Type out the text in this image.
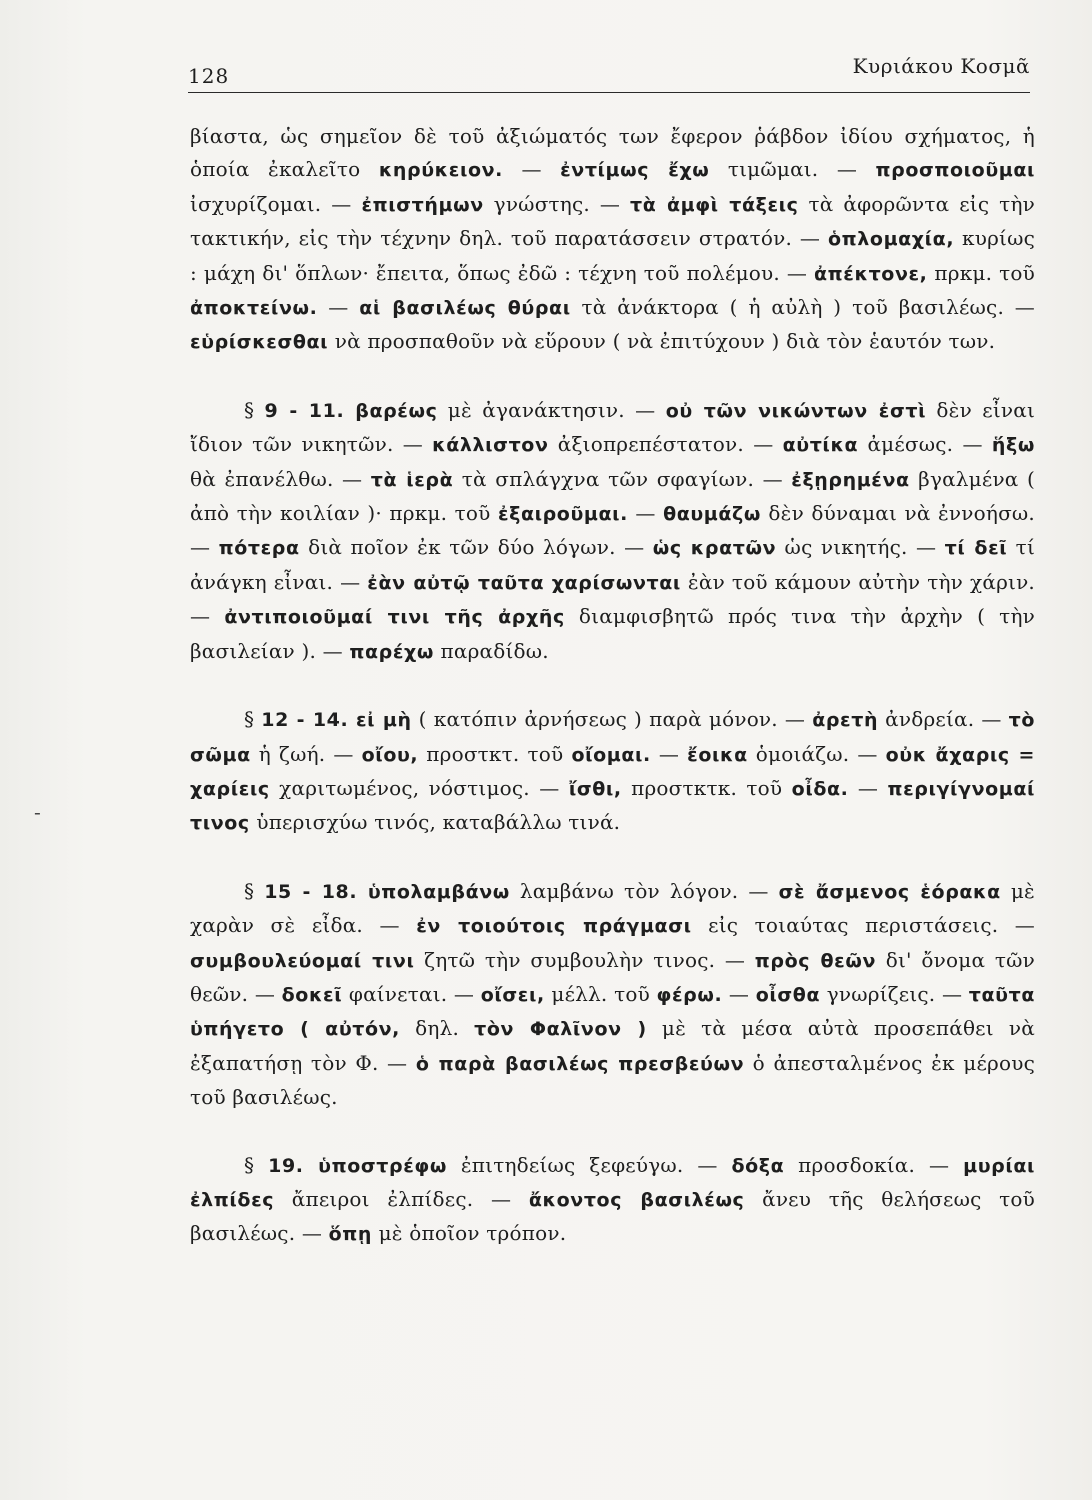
128	Κυριάκου Κοσμᾶ
-

βίαστα, ὡς σημεῖον δὲ τοῦ ἀξιώματός των ἔφερον ῥάβδον ἰδίου σχήματος, ἡ ὁποία ἐκαλεῖτο κηρύκειον. — ἐντίμως ἔχω τιμῶμαι. — προσποιοῦμαι ἰσχυρίζομαι. — ἐπιστήμων γνώστης. — τὰ ἀμφὶ τάξεις τὰ ἀφορῶντα εἰς τὴν τακτικήν, εἰς τὴν τέχνην δηλ. τοῦ παρατάσσειν στρατόν. — ὁπλομαχία, κυρίως : μάχη δι' ὅπλων· ἔπειτα, ὅπως ἐδῶ : τέχνη τοῦ πολέμου. — ἀπέκτονε, πρκμ. τοῦ ἀποκτείνω. — αἱ βασιλέως θύραι τὰ ἀνάκτορα ( ἡ αὐλὴ ) τοῦ βασιλέως. — εὑρίσκεσθαι νὰ προσπαθοῦν νὰ εὕρουν ( νὰ ἐπιτύχουν ) διὰ τὸν ἑαυτόν των.

§ 9 - 11. βαρέως μὲ ἀγανάκτησιν. — οὐ τῶν νικώντων ἐστὶ δὲν εἶναι ἴδιον τῶν νικητῶν. — κάλλιστον ἀξιοπρεπέστατον. — αὐτίκα ἀμέσως. — ἥξω θὰ ἐπανέλθω. — τὰ ἱερὰ τὰ σπλάγχνα τῶν σφαγίων. — ἐξῃρημένα βγαλμένα ( ἀπὸ τὴν κοιλίαν )· πρκμ. τοῦ ἐξαιροῦμαι. — θαυμάζω δὲν δύναμαι νὰ ἐννοήσω. — πότερα διὰ ποῖον ἐκ τῶν δύο λόγων. — ὡς κρατῶν ὡς νικητής. — τί δεῖ τί ἀνάγκη εἶναι. — ἐὰν αὐτῷ ταῦτα χαρίσωνται ἐὰν τοῦ κάμουν αὐτὴν τὴν χάριν. — ἀντιποιοῦμαί τινι τῆς ἀρχῆς διαμφισβητῶ πρός τινα τὴν ἀρχὴν ( τὴν βασιλείαν ). — παρέχω παραδίδω.

§ 12 - 14. εἰ μὴ ( κατόπιν ἀρνήσεως ) παρὰ μόνον. — ἀρετὴ ἀνδρεία. — τὸ σῶμα ἡ ζωή. — οἴου, προστκτ. τοῦ οἴομαι. — ἔοικα ὁμοιάζω. — οὐκ ἄχαρις = χαρίεις χαριτωμένος, νόστιμος. — ἴσθι, προστκτκ. τοῦ οἶδα. — περιγίγνομαί τινος ὑπερισχύω τινός, καταβάλλω τινά.

§ 15 - 18. ὑπολαμβάνω λαμβάνω τὸν λόγον. — σὲ ἄσμενος ἑόρακα μὲ χαρὰν σὲ εἶδα. — ἐν τοιούτοις πράγμασι εἰς τοιαύτας περιστάσεις. — συμβουλεύομαί τινι ζητῶ τὴν συμβουλὴν τινος. — πρὸς θεῶν δι' ὄνομα τῶν θεῶν. — δοκεῖ φαίνεται. — οἴσει, μέλλ. τοῦ φέρω. — οἶσθα γνωρίζεις. — ταῦτα ὑπήγετο ( αὐτόν, δηλ. τὸν Φαλῖνον ) μὲ τὰ μέσα αὐτὰ προσεπάθει νὰ ἐξαπατήσῃ τὸν Φ. — ὁ παρὰ βασιλέως πρεσβεύων ὁ ἀπεσταλμένος ἐκ μέρους τοῦ βασιλέως.

§ 19. ὑποστρέφω ἐπιτηδείως ξεφεύγω. — δόξα προσδοκία. — μυρίαι ἐλπίδες ἄπειροι ἐλπίδες. — ἄκοντος βασιλέως ἄνευ τῆς θελήσεως τοῦ βασιλέως. — ὅπῃ μὲ ὁποῖον τρόπον.
